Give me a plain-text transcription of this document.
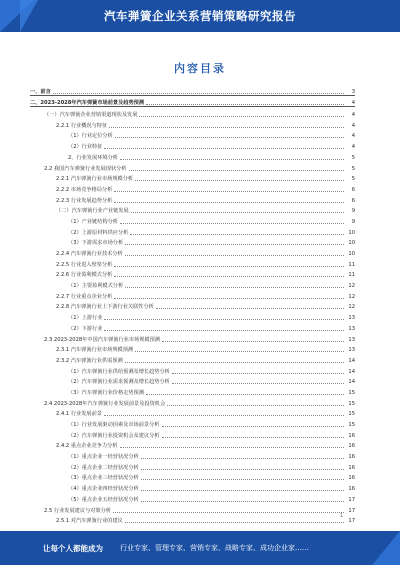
汽车弹簧企业关系营销策略研究报告
内容目录
一、前言	3
二、2023-2028年汽车弹簧市场前景及趋势预测	4
（一）汽车弹簧企业营销渠道现状及发展	4
2.2.1 行业概况与特征	4
（1）行业定位分析	4
（2）行业特征	4
2、行业发展环境分析	5
2.2 我国汽车弹簧行业发展现状分析	5
2.2.1 汽车弹簧行业市场规模分析	5
2.2.2 市场竞争格局分析	6
2.2.3 行业发展趋势分析	6
（二）汽车弹簧行业产业链发展	9
（1）产业链结构分析	9
（2）上游原材料供应分析	10
（3）下游需求市场分析	10
2.2.4 汽车弹簧行业技术分析	10
2.2.5 行业进入壁垒分析	11
2.2.6 行业盈利模式分析	11
（1）主要盈利模式分析	12
2.2.7 行业重点企业分析	12
2.2.8 汽车弹簧行业上下游行业关联性分析	12
（1）上游行业	13
（2）下游行业	13
2.3 2023-2028年中国汽车弹簧行业市场规模预测	13
2.3.1 汽车弹簧行业市场规模预测	13
2.3.2 汽车弹簧行业供需预测	14
（1）汽车弹簧行业供给预测及增长趋势分析	14
（2）汽车弹簧行业需求预测及增长趋势分析	14
（3）汽车弹簧行业价格走势预测	15
2.4 2023-2028年汽车弹簧行业发展前景及投资机会	15
2.4.1 行业发展前景	15
（1）行业发展驱动因素及市场前景分析	15
（2）汽车弹簧行业投资机会及建议分析	16
2.4.2 重点企业竞争力分析	16
（1）重点企业一经营状况分析	16
（2）重点企业二经营状况分析	16
（3）重点企业三经营状况分析	16
（4）重点企业四经营状况分析	16
（5）重点企业五经营状况分析	17
2.5 行业发展建议与对策分析	17
2.5.1 对汽车弹簧行业的建议	17
1
让每个人都能成为 行业专家、管理专家、营销专家、战略专家、成功企业家……
